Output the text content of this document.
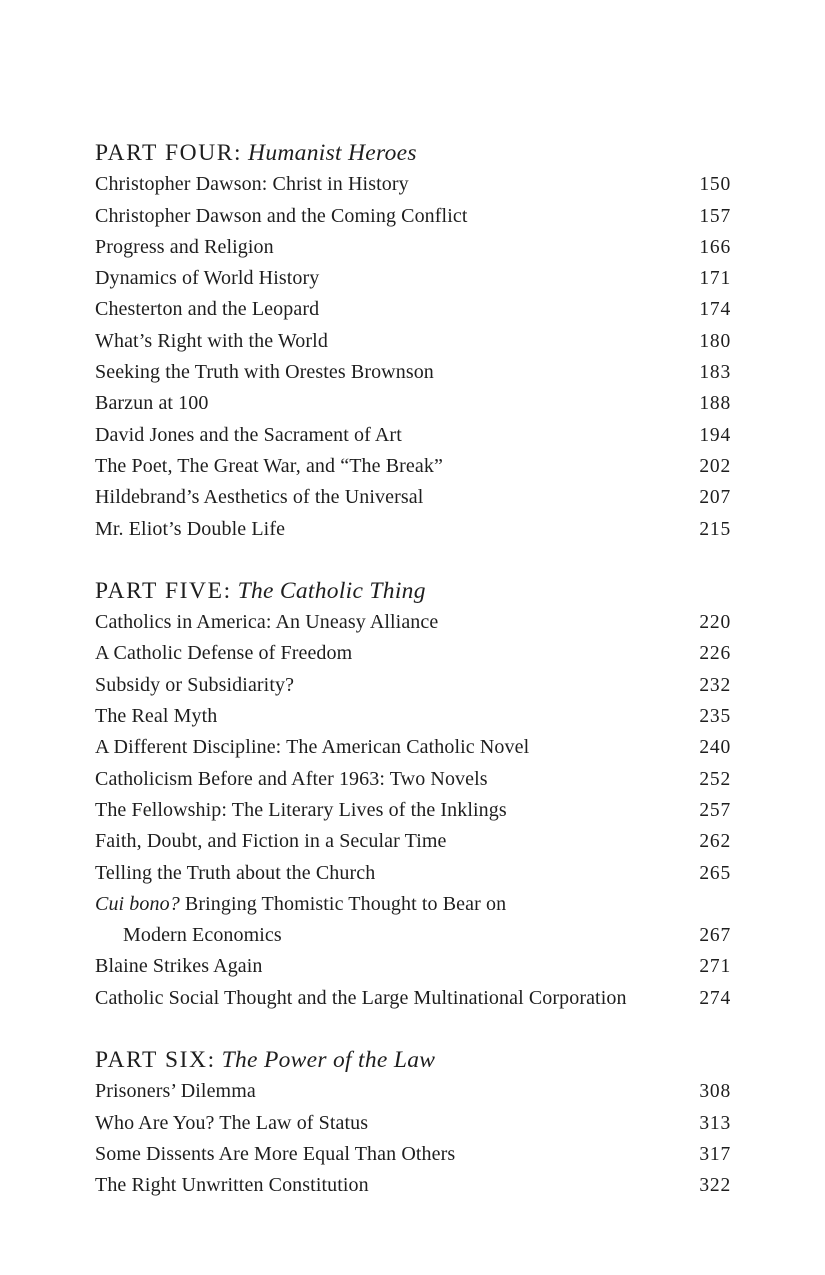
PART FOUR: Humanist Heroes
Christopher Dawson: Christ in History	150
Christopher Dawson and the Coming Conflict	157
Progress and Religion	166
Dynamics of World History	171
Chesterton and the Leopard	174
What’s Right with the World	180
Seeking the Truth with Orestes Brownson	183
Barzun at 100	188
David Jones and the Sacrament of Art	194
The Poet, The Great War, and “The Break”	202
Hildebrand’s Aesthetics of the Universal	207
Mr. Eliot’s Double Life	215
PART FIVE: The Catholic Thing
Catholics in America: An Uneasy Alliance	220
A Catholic Defense of Freedom	226
Subsidy or Subsidiarity?	232
The Real Myth	235
A Different Discipline: The American Catholic Novel	240
Catholicism Before and After 1963: Two Novels	252
The Fellowship: The Literary Lives of the Inklings	257
Faith, Doubt, and Fiction in a Secular Time	262
Telling the Truth about the Church	265
Cui bono? Bringing Thomistic Thought to Bear on
Modern Economics	267
Blaine Strikes Again	271
Catholic Social Thought and the Large Multinational Corporation	274
PART SIX: The Power of the Law
Prisoners’ Dilemma	308
Who Are You? The Law of Status	313
Some Dissents Are More Equal Than Others	317
The Right Unwritten Constitution	322
